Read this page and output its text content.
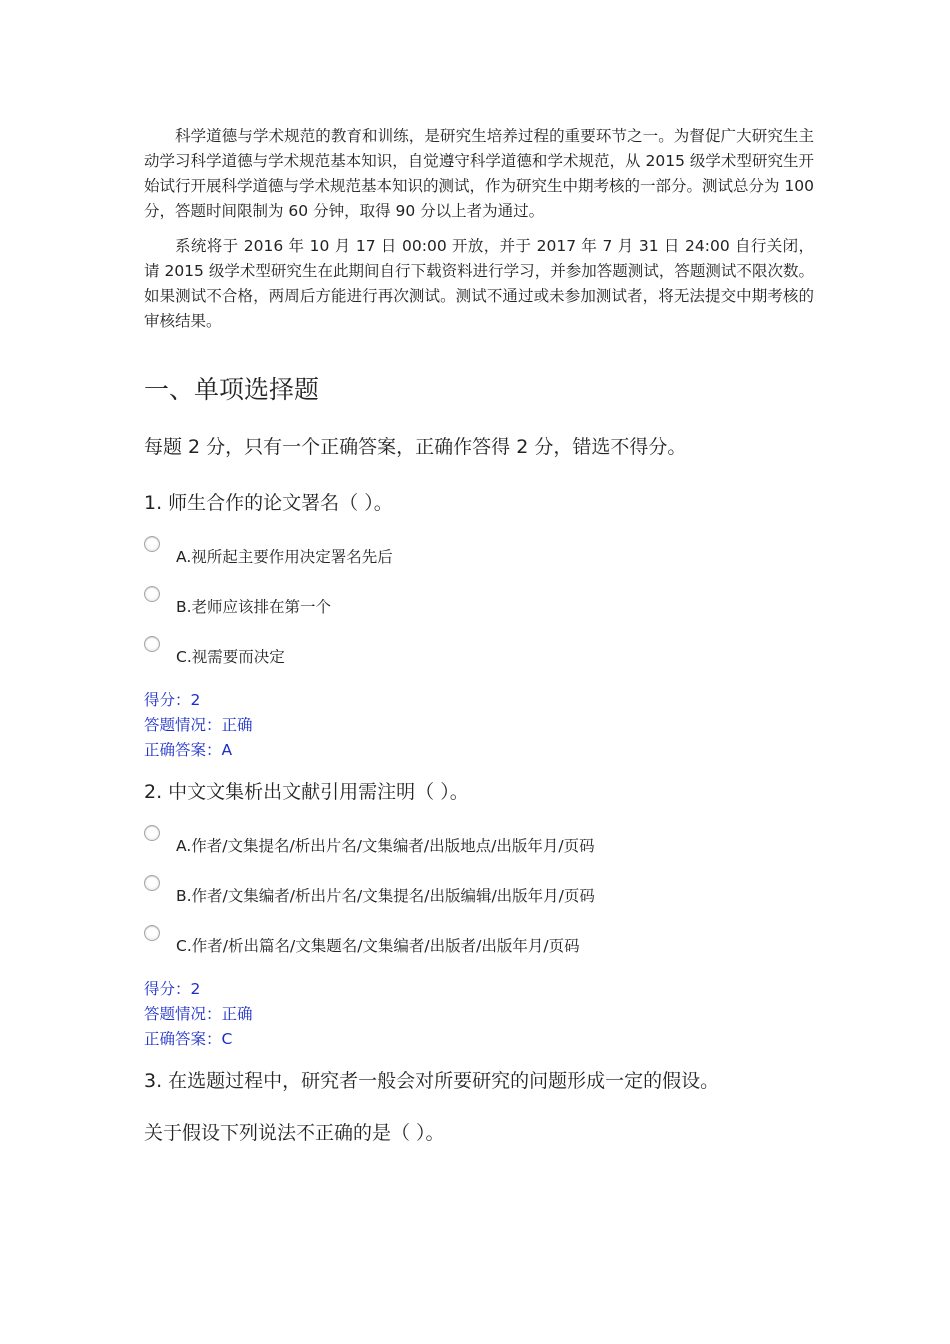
科学道德与学术规范的教育和训练，是研究生培养过程的重要环节之一。为督促广大研究生主动学习科学道德与学术规范基本知识，自觉遵守科学道德和学术规范，从 2015 级学术型研究生开始试行开展科学道德与学术规范基本知识的测试，作为研究生中期考核的一部分。测试总分为 100 分，答题时间限制为 60 分钟，取得 90 分以上者为通过。

系统将于 2016 年 10 月 17 日 00:00 开放，并于 2017 年 7 月 31 日 24:00 自行关闭，请 2015 级学术型研究生在此期间自行下载资料进行学习，并参加答题测试，答题测试不限次数。如果测试不合格，两周后方能进行再次测试。测试不通过或未参加测试者，将无法提交中期考核的审核结果。

一、单项选择题

每题 2 分，只有一个正确答案，正确作答得 2 分，错选不得分。

1. 师生合作的论文署名（ ）。

A.视所起主要作用决定署名先后
B.老师应该排在第一个
C.视需要而决定
得分：2
答题情况：正确
正确答案：A

2. 中文文集析出文献引用需注明（ ）。

A.作者/文集提名/析出片名/文集编者/出版地点/出版年月/页码
B.作者/文集编者/析出片名/文集提名/出版编辑/出版年月/页码
C.作者/析出篇名/文集题名/文集编者/出版者/出版年月/页码
得分：2
答题情况：正确
正确答案：C

3. 在选题过程中，研究者一般会对所要研究的问题形成一定的假设。

关于假设下列说法不正确的是（ ）。
